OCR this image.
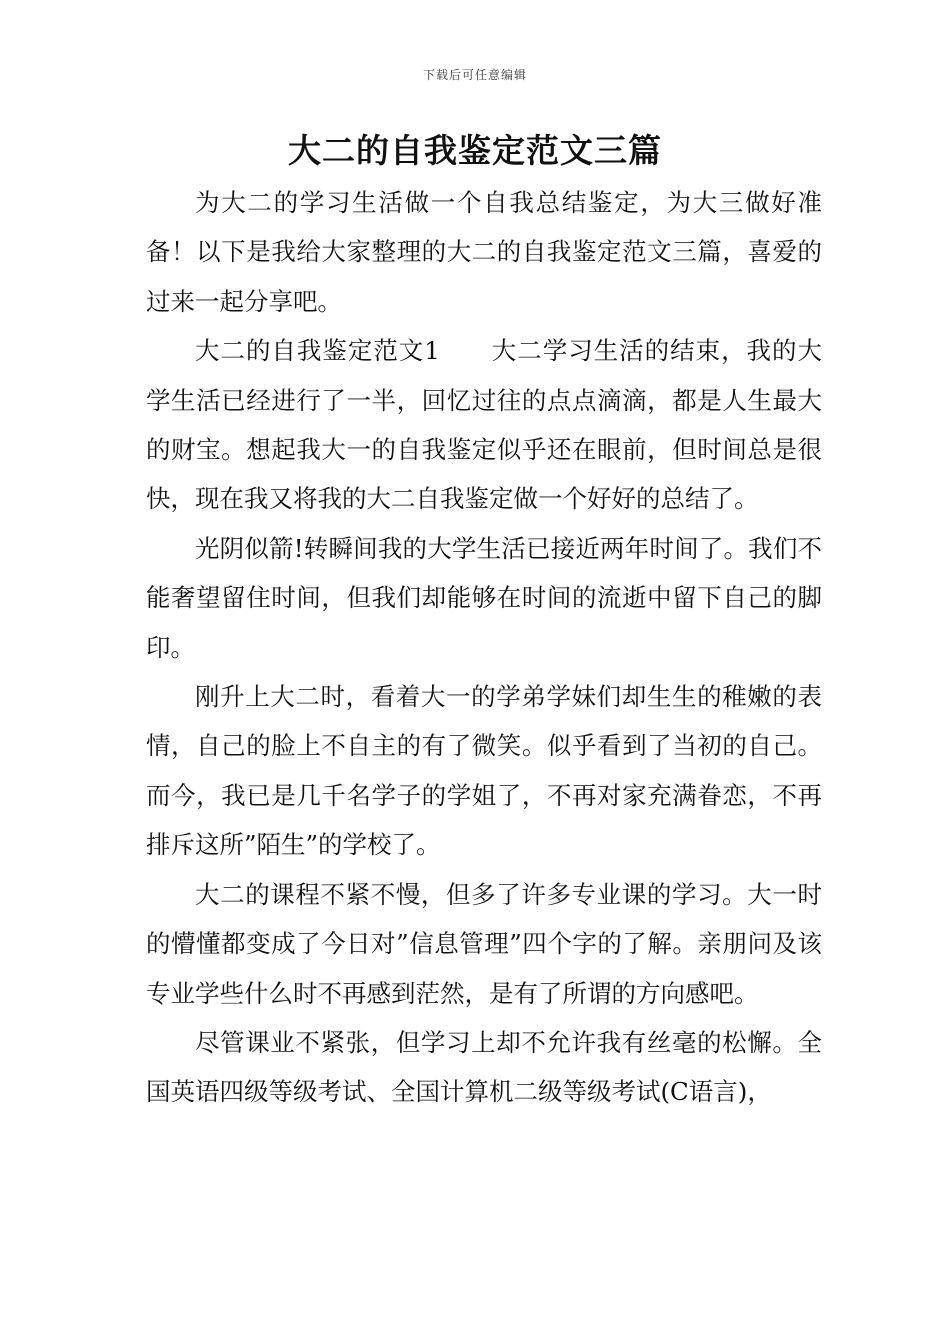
下载后可任意编辑
大二的自我鉴定范文三篇

为大二的学习生活做一个自我总结鉴定，为大三做好准备！以下是我给大家整理的大二的自我鉴定范文三篇，喜爱的过来一起分享吧。

大二的自我鉴定范文1　　大二学习生活的结束，我的大学生活已经进行了一半，回忆过往的点点滴滴，都是人生最大的财宝。想起我大一的自我鉴定似乎还在眼前，但时间总是很快，现在我又将我的大二自我鉴定做一个好好的总结了。

光阴似箭!转瞬间我的大学生活已接近两年时间了。我们不能奢望留住时间，但我们却能够在时间的流逝中留下自己的脚印。

刚升上大二时，看着大一的学弟学妹们却生生的稚嫩的表情，自己的脸上不自主的有了微笑。似乎看到了当初的自己。而今，我已是几千名学子的学姐了，不再对家充满眷恋，不再排斥这所”陌生”的学校了。

大二的课程不紧不慢，但多了许多专业课的学习。大一时的懵懂都变成了今日对”信息管理”四个字的了解。亲朋问及该专业学些什么时不再感到茫然，是有了所谓的方向感吧。

尽管课业不紧张，但学习上却不允许我有丝毫的松懈。全国英语四级等级考试、全国计算机二级等级考试(C语言)，
